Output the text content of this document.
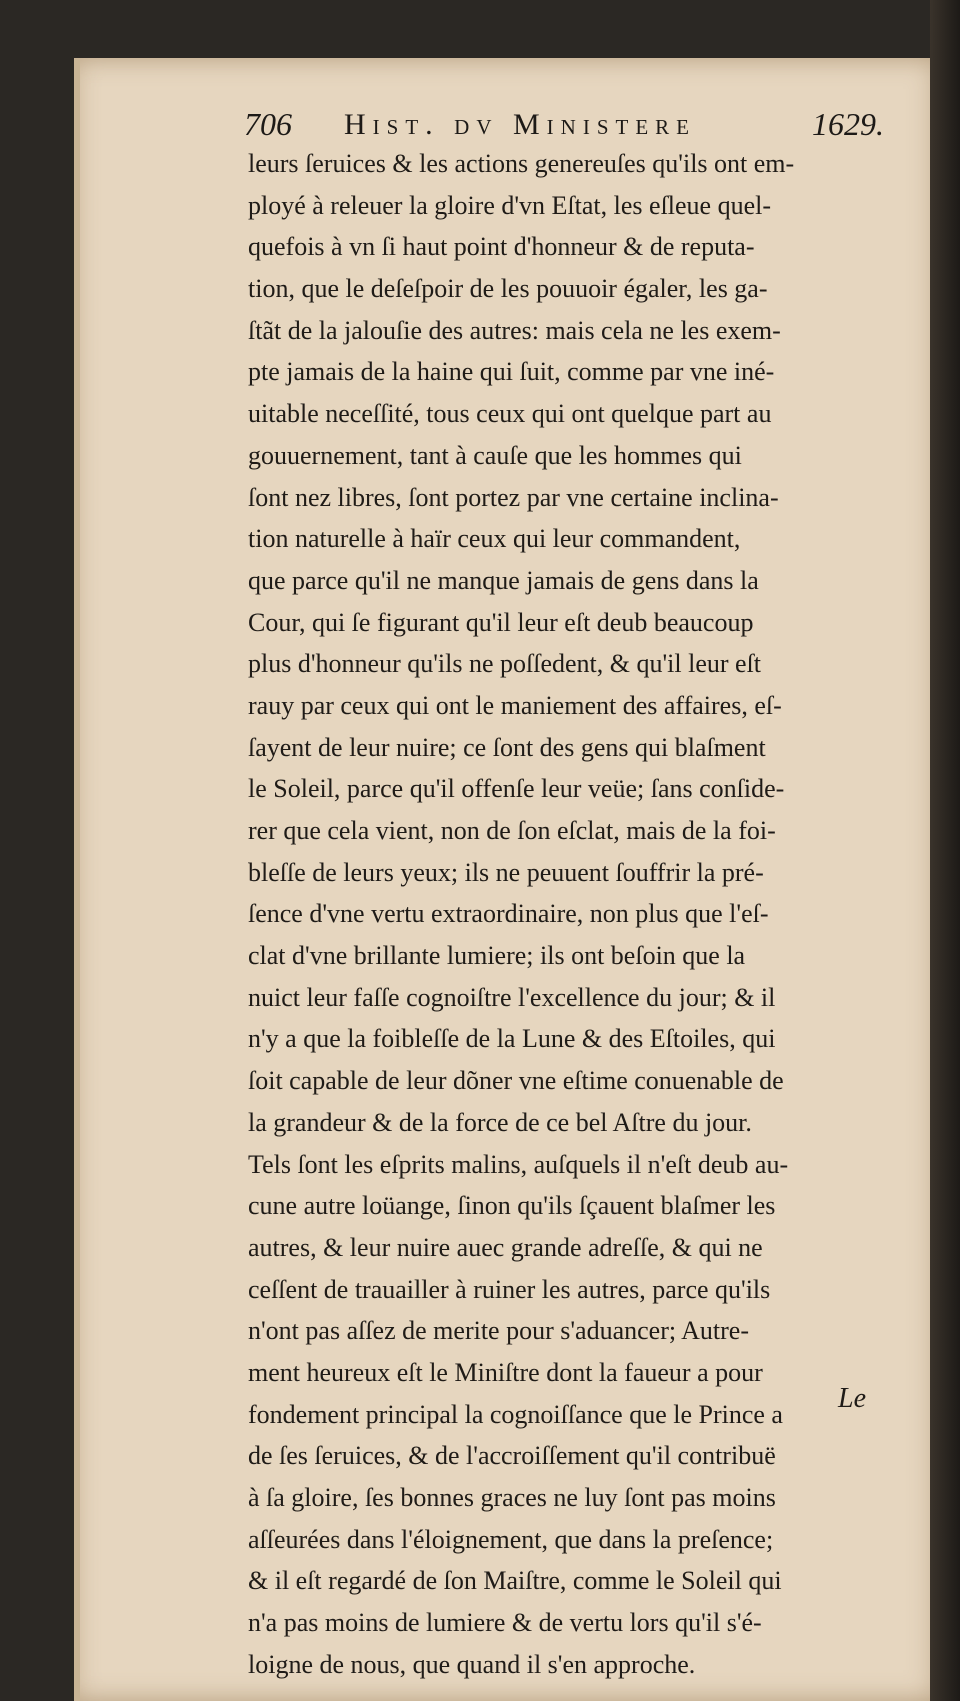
706 Hist. dv Ministere	1629.
leurs ſeruices & les actions genereuſes qu'ils ont em-
ployé à releuer la gloire d'vn Eſtat, les eſleue quel-
quefois à vn ſi haut point d'honneur & de reputa-
tion, que le deſeſpoir de les pouuoir égaler, les ga-
ſtãt de la jalouſie des autres: mais cela ne les exem-
pte jamais de la haine qui ſuit, comme par vne iné-
uitable neceſſité, tous ceux qui ont quelque part au
gouuernement, tant à cauſe que les hommes qui
ſont nez libres, ſont portez par vne certaine inclina-
tion naturelle à haïr ceux qui leur commandent,
que parce qu'il ne manque jamais de gens dans la
Cour, qui ſe figurant qu'il leur eſt deub beaucoup
plus d'honneur qu'ils ne poſſedent, & qu'il leur eſt
rauy par ceux qui ont le maniement des affaires, eſ-
ſayent de leur nuire; ce ſont des gens qui blaſment
le Soleil, parce qu'il offenſe leur veüe; ſans conſide-
rer que cela vient, non de ſon eſclat, mais de la foi-
bleſſe de leurs yeux; ils ne peuuent ſouffrir la pré-
ſence d'vne vertu extraordinaire, non plus que l'eſ-
clat d'vne brillante lumiere; ils ont beſoin que la
nuict leur faſſe cognoiſtre l'excellence du jour; & il
n'y a que la foibleſſe de la Lune & des Eſtoiles, qui
ſoit capable de leur dõner vne eſtime conuenable de
la grandeur & de la force de ce bel Aſtre du jour.
Tels ſont les eſprits malins, auſquels il n'eſt deub au-
cune autre loüange, ſinon qu'ils ſçauent blaſmer les
autres, & leur nuire auec grande adreſſe, & qui ne
ceſſent de trauailler à ruiner les autres, parce qu'ils
n'ont pas aſſez de merite pour s'aduancer; Autre-
ment heureux eſt le Miniſtre dont la faueur a pour
fondement principal la cognoiſſance que le Prince a
de ſes ſeruices, & de l'accroiſſement qu'il contribuë
à ſa gloire, ſes bonnes graces ne luy ſont pas moins
aſſeurées dans l'éloignement, que dans la preſence;
& il eſt regardé de ſon Maiſtre, comme le Soleil qui
n'a pas moins de lumiere & de vertu lors qu'il s'é-
loigne de nous, que quand il s'en approche.
Le
